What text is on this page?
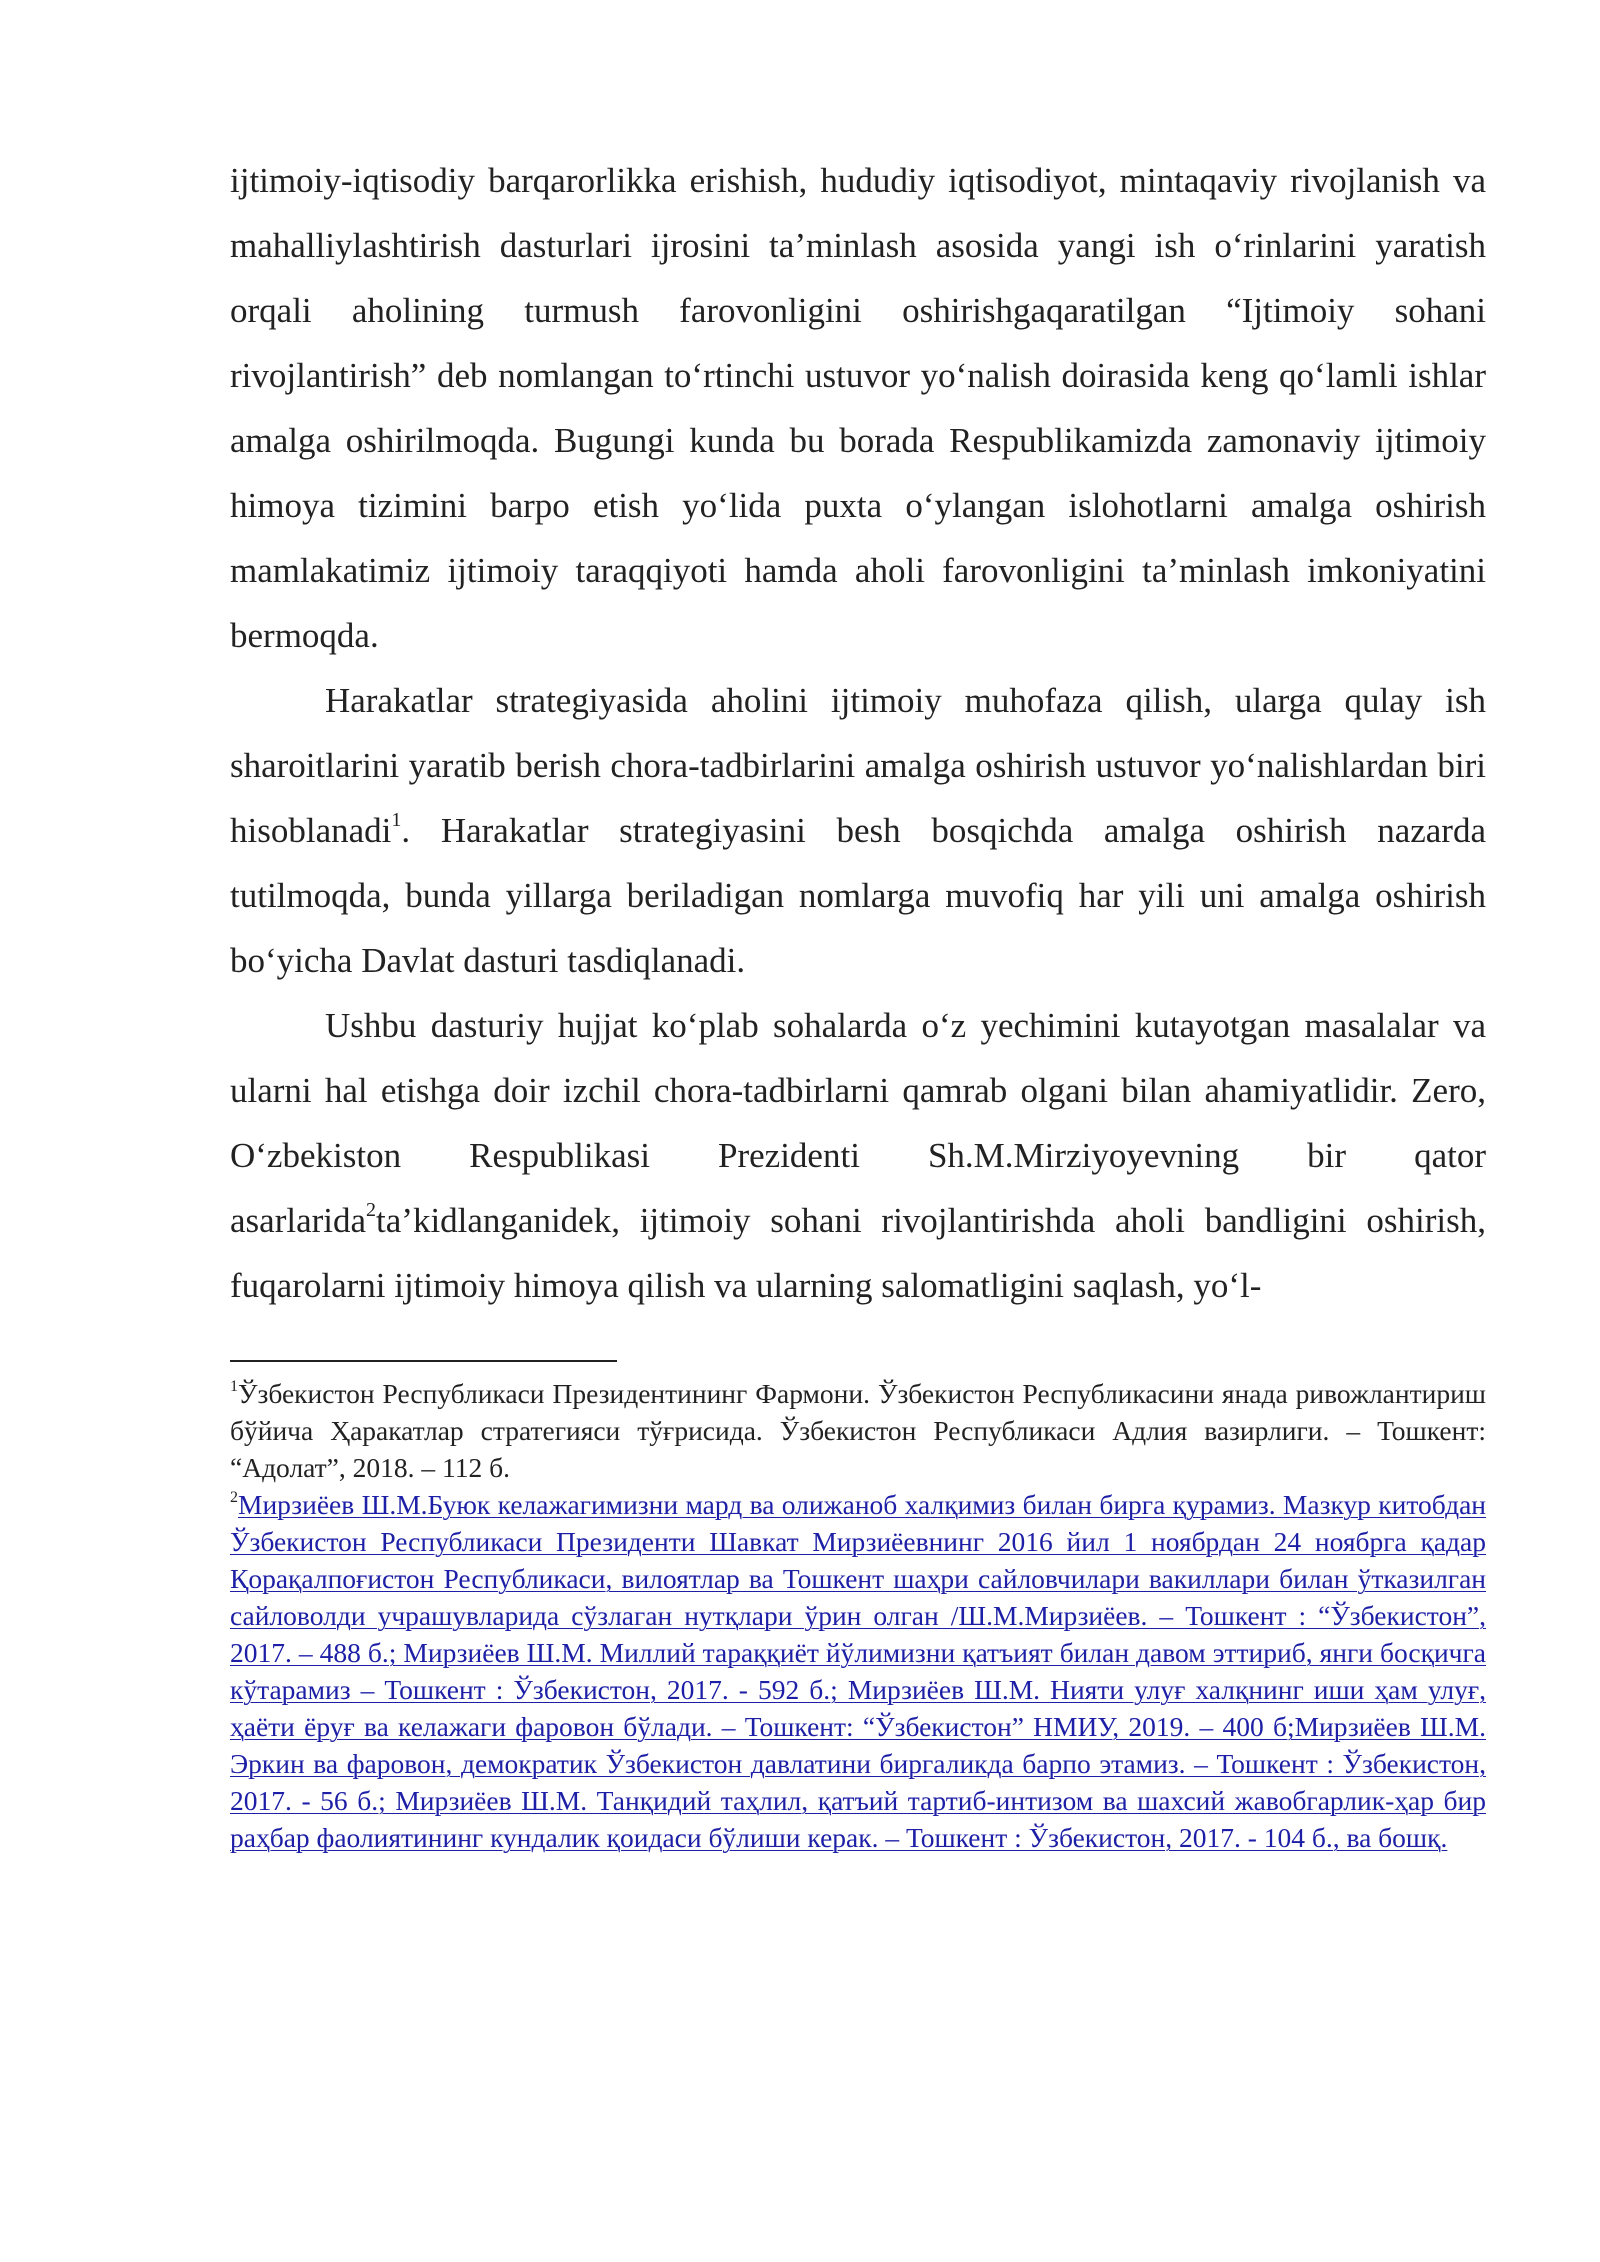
ijtimoiy-iqtisodiy barqarorlikka erishish, hududiy iqtisodiyot, mintaqaviy rivojlanish va mahalliylashtirish dasturlari ijrosini ta’minlash asosida yangi ish oʻrinlarini yaratish orqali aholining turmush farovonligini oshirishgaqaratilgan “Ijtimoiy sohani rivojlantirish” deb nomlangan toʻrtinchi ustuvor yoʻnalish doirasida keng qoʻlamli ishlar amalga oshirilmoqda. Bugungi kunda bu borada Respublikamizda zamonaviy ijtimoiy himoya tizimini barpo etish yoʻlida puxta oʻylangan islohotlarni amalga oshirish mamlakatimiz ijtimoiy taraqqiyoti hamda aholi farovonligini ta’minlash imkoniyatini bermoqda.

Harakatlar strategiyasida aholini ijtimoiy muhofaza qilish, ularga qulay ish sharoitlarini yaratib berish chora-tadbirlarini amalga oshirish ustuvor yoʻnalishlardan biri hisoblanadi$^1$. Harakatlar strategiyasini besh bosqichda amalga oshirish nazarda tutilmoqda, bunda yillarga beriladigan nomlarga muvofiq har yili uni amalga oshirish boʻyicha Davlat dasturi tasdiqlanadi.

Ushbu dasturiy hujjat koʻplab sohalarda oʻz yechimini kutayotgan masalalar va ularni hal etishga doir izchil chora-tadbirlarni qamrab olgani bilan ahamiyatlidir. Zero, Oʻzbekiston Respublikasi Prezidenti Sh.M.Mirziyoyevning bir qator asarlarida$^2$ta’kidlanganidek, ijtimoiy sohani rivojlantirishda aholi bandligini oshirish, fuqarolarni ijtimoiy himoya qilish va ularning salomatligini saqlash, yoʻl-

$^1$Ўзбекистон Республикаси Президентининг Фармони. Ўзбекистон Республикасини янада ривожлантириш бўйича Ҳаракатлар стратегияси тўғрисида. Ўзбекистон Республикаси Адлия вазирлиги. – Тошкент: “Адолат”, 2018. – 112 б.

$^2$Мирзиёев Ш.М.Буюк келажагимизни мард ва олижаноб халқимиз билан бирга қурамиз. Мазкур китобдан Ўзбекистон Республикаси Президенти Шавкат Мирзиёевнинг 2016 йил 1 ноябрдан 24 ноябрга қадар Қорақалпоғистон Республикаси, вилоятлар ва Тошкент шаҳри сайловчилари вакиллари билан ўтказилган сайловолди учрашувларида сўзлаган нутқлари ўрин олган /Ш.М.Мирзиёев. – Тошкент : “Ўзбекистон”, 2017. – 488 б.; Мирзиёев Ш.М. Миллий тараққиёт йўлимизни қатъият билан давом эттириб, янги босқичга кўтарамиз – Тошкент : Ўзбекистон, 2017. - 592 б.; Мирзиёев Ш.М. Нияти улуғ халқнинг иши ҳам улуғ, ҳаёти ёруғ ва келажаги фаровон бўлади. – Тошкент: “Ўзбекистон” НМИУ, 2019. – 400 б;Мирзиёев Ш.М. Эркин ва фаровон, демократик Ўзбекистон давлатини биргаликда барпо этамиз. – Тошкент : Ўзбекистон, 2017. - 56 б.; Мирзиёев Ш.М. Танқидий таҳлил, қатъий тартиб-интизом ва шахсий жавобгарлик-ҳар бир раҳбар фаолиятининг кундалик қоидаси бўлиши керак. – Тошкент : Ўзбекистон, 2017. - 104 б., ва бошқ.
